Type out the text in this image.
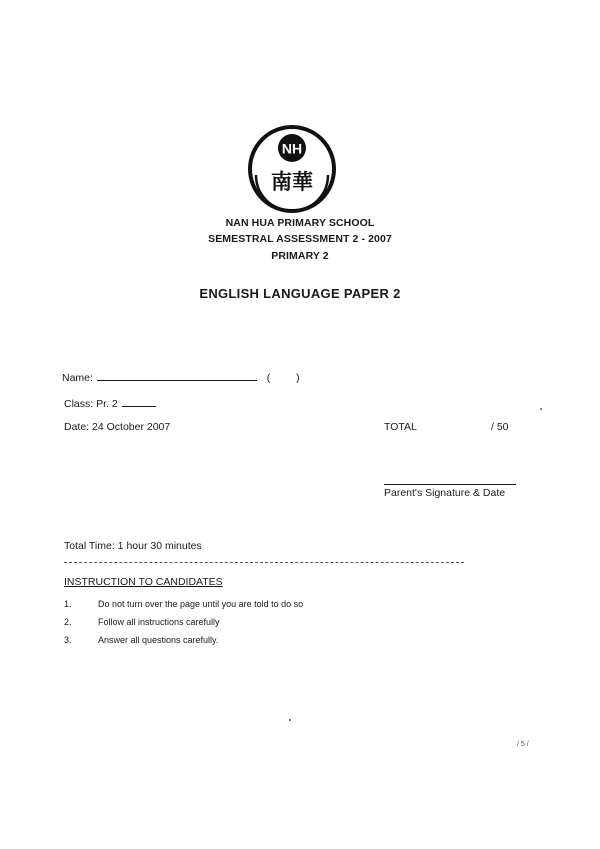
NH
南華
NAN HUA PRIMARY SCHOOL
SEMESTRAL ASSESSMENT 2 - 2007
PRIMARY 2
ENGLISH LANGUAGE PAPER 2
Name:	( )
Class: Pr. 2
Date: 24 October 2007	TOTAL	/ 50
Parent's Signature & Date
Total Time: 1 hour 30 minutes
INSTRUCTION TO CANDIDATES
1.	Do not turn over the page until you are told to do so
2.	Follow all instructions carefully
3.	Answer all questions carefully.
/ 5 /
